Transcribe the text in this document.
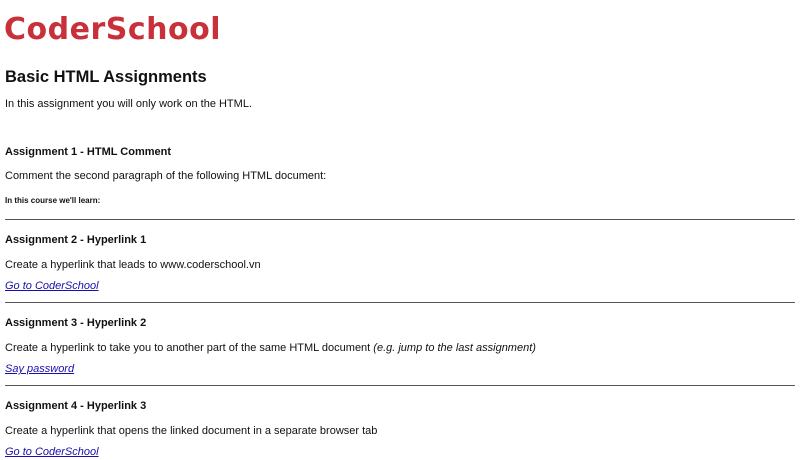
CoderSchool
Basic HTML Assignments

In this assignment you will only work on the HTML.

Assignment 1 - HTML Comment
Comment the second paragraph of the following HTML document:
In this course we'll learn:
Assignment 2 - Hyperlink 1
Create a hyperlink that leads to www.coderschool.vn
Go to CoderSchool
Assignment 3 - Hyperlink 2
Create a hyperlink to take you to another part of the same HTML document (e.g. jump to the last assignment)
Say password
Assignment 4 - Hyperlink 3
Create a hyperlink that opens the linked document in a separate browser tab
Go to CoderSchool
